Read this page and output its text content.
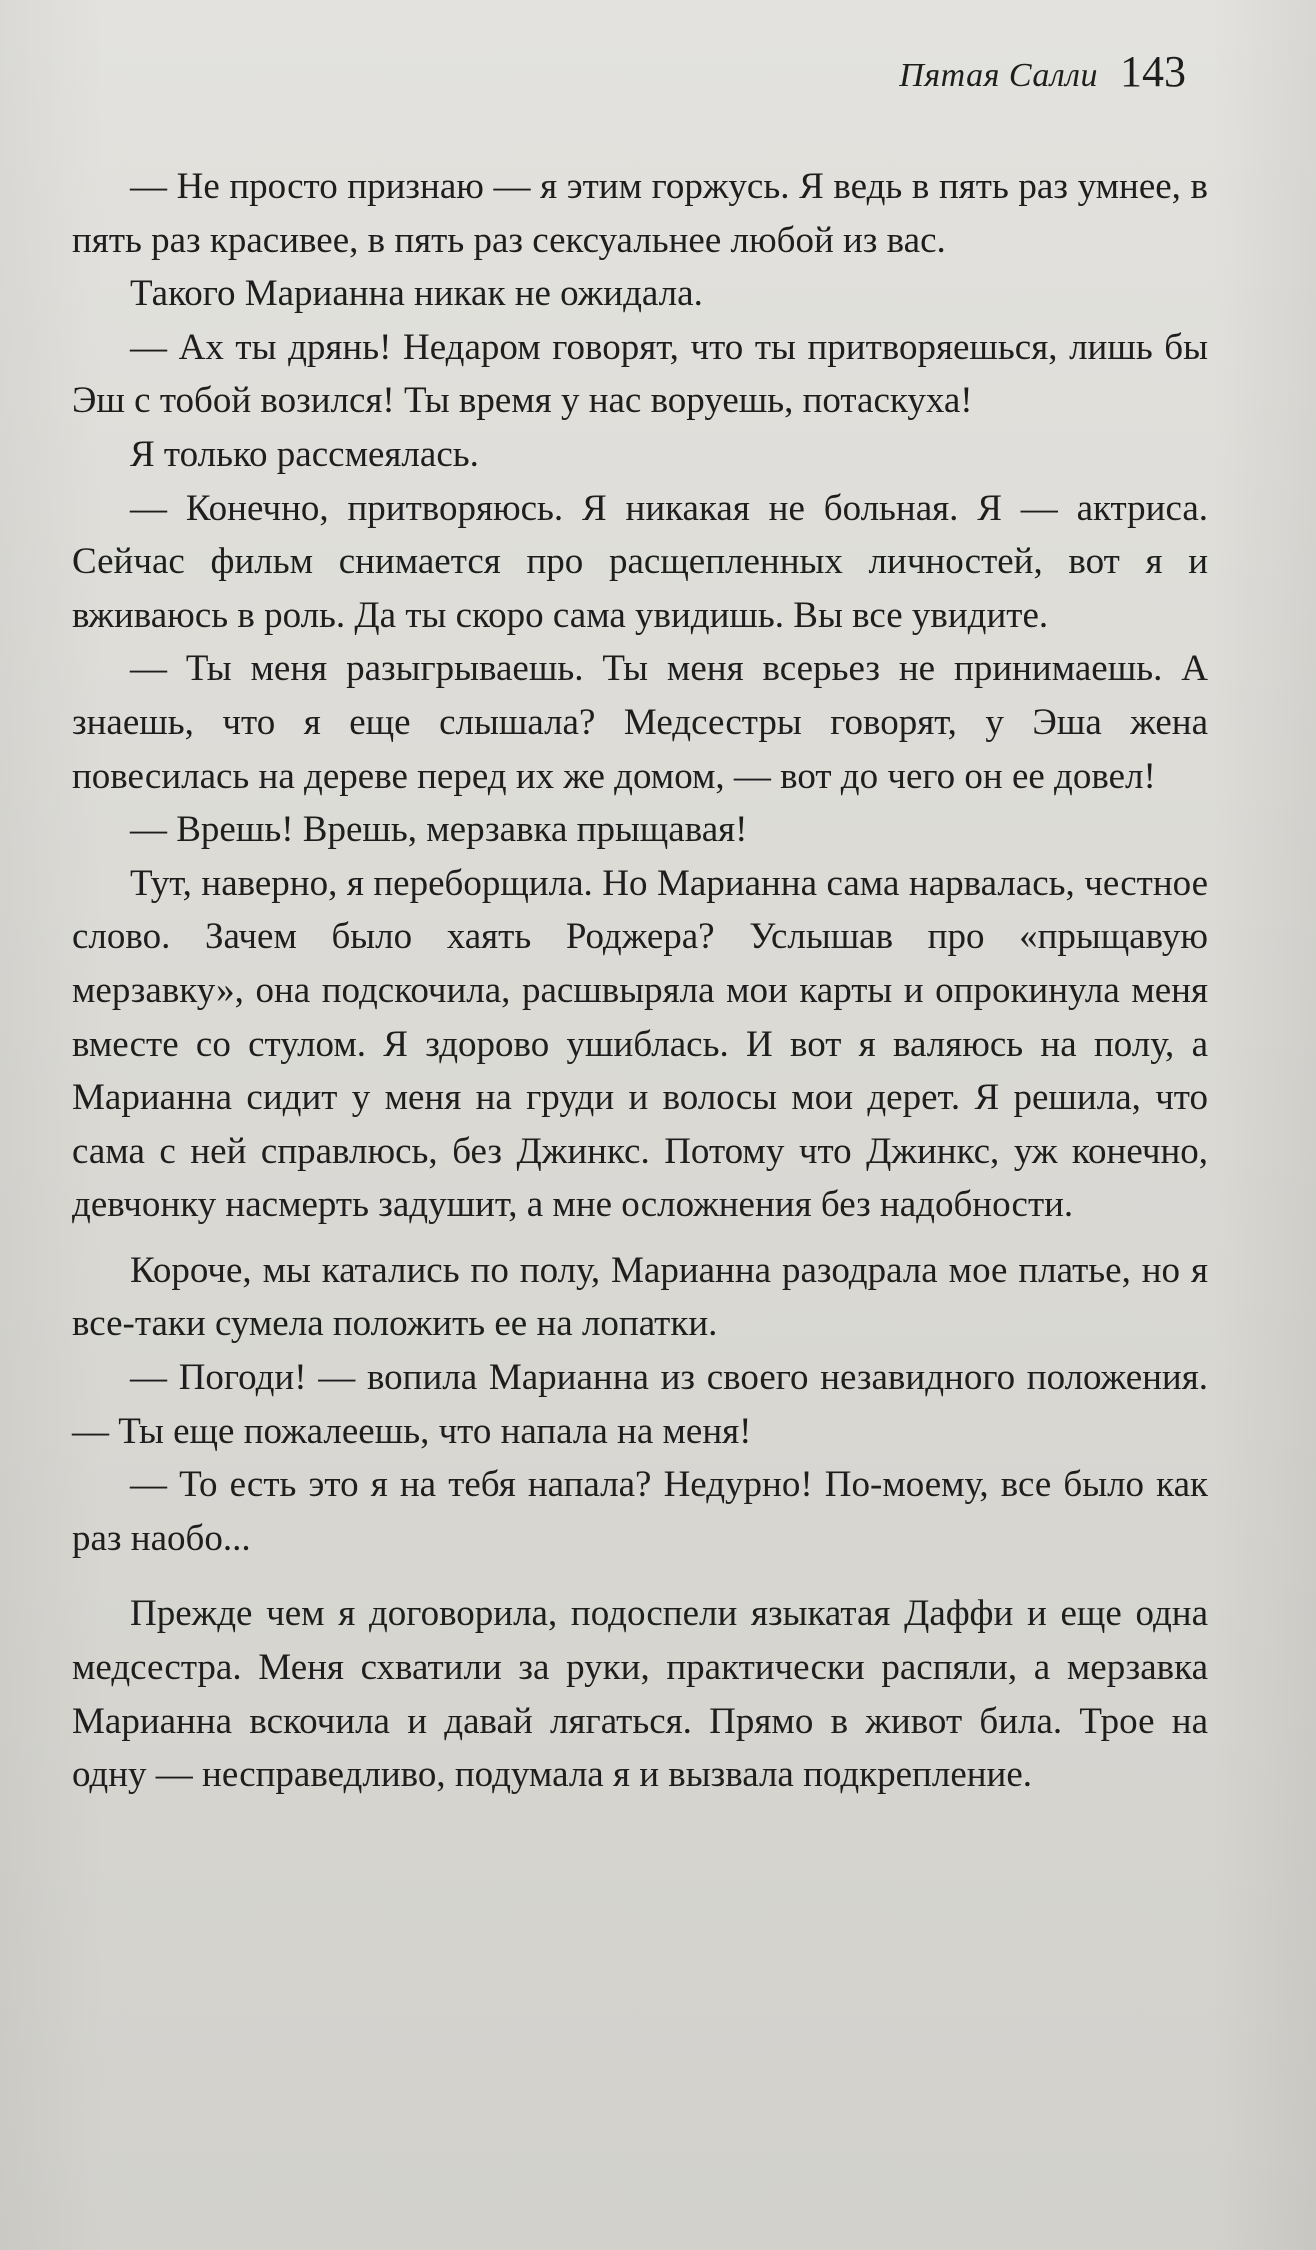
Пятая Салли 143

— Не просто признаю — я этим горжусь. Я ведь в пять раз умнее, в пять раз красивее, в пять раз сексуальнее любой из вас.

Такого Марианна никак не ожидала.

— Ах ты дрянь! Недаром говорят, что ты притворяешься, лишь бы Эш с тобой возился! Ты время у нас воруешь, потаскуха!

Я только рассмеялась.

— Конечно, притворяюсь. Я никакая не больная. Я — актриса. Сейчас фильм снимается про расщепленных личностей, вот я и вживаюсь в роль. Да ты скоро сама увидишь. Вы все увидите.

— Ты меня разыгрываешь. Ты меня всерьез не принимаешь. А знаешь, что я еще слышала? Медсестры говорят, у Эша жена повесилась на дереве перед их же домом, — вот до чего он ее довел!

— Врешь! Врешь, мерзавка прыщавая!

Тут, наверно, я переборщила. Но Марианна сама нарвалась, честное слово. Зачем было хаять Роджера? Услышав про «прыщавую мерзавку», она подскочила, расшвыряла мои карты и опрокинула меня вместе со стулом. Я здорово ушиблась. И вот я валяюсь на полу, а Марианна сидит у меня на груди и волосы мои дерет. Я решила, что сама с ней справлюсь, без Джинкс. Потому что Джинкс, уж конечно, девчонку насмерть задушит, а мне осложнения без надобности.

Короче, мы катались по полу, Марианна разодрала мое платье, но я все-таки сумела положить ее на лопатки.

— Погоди! — вопила Марианна из своего незавидного положения. — Ты еще пожалеешь, что напала на меня!

— То есть это я на тебя напала? Недурно! По-моему, все было как раз наобо...

Прежде чем я договорила, подоспели языкатая Даффи и еще одна медсестра. Меня схватили за руки, практически распяли, а мерзавка Марианна вскочила и давай лягаться. Прямо в живот била. Трое на одну — несправедливо, подумала я и вызвала подкрепление.
